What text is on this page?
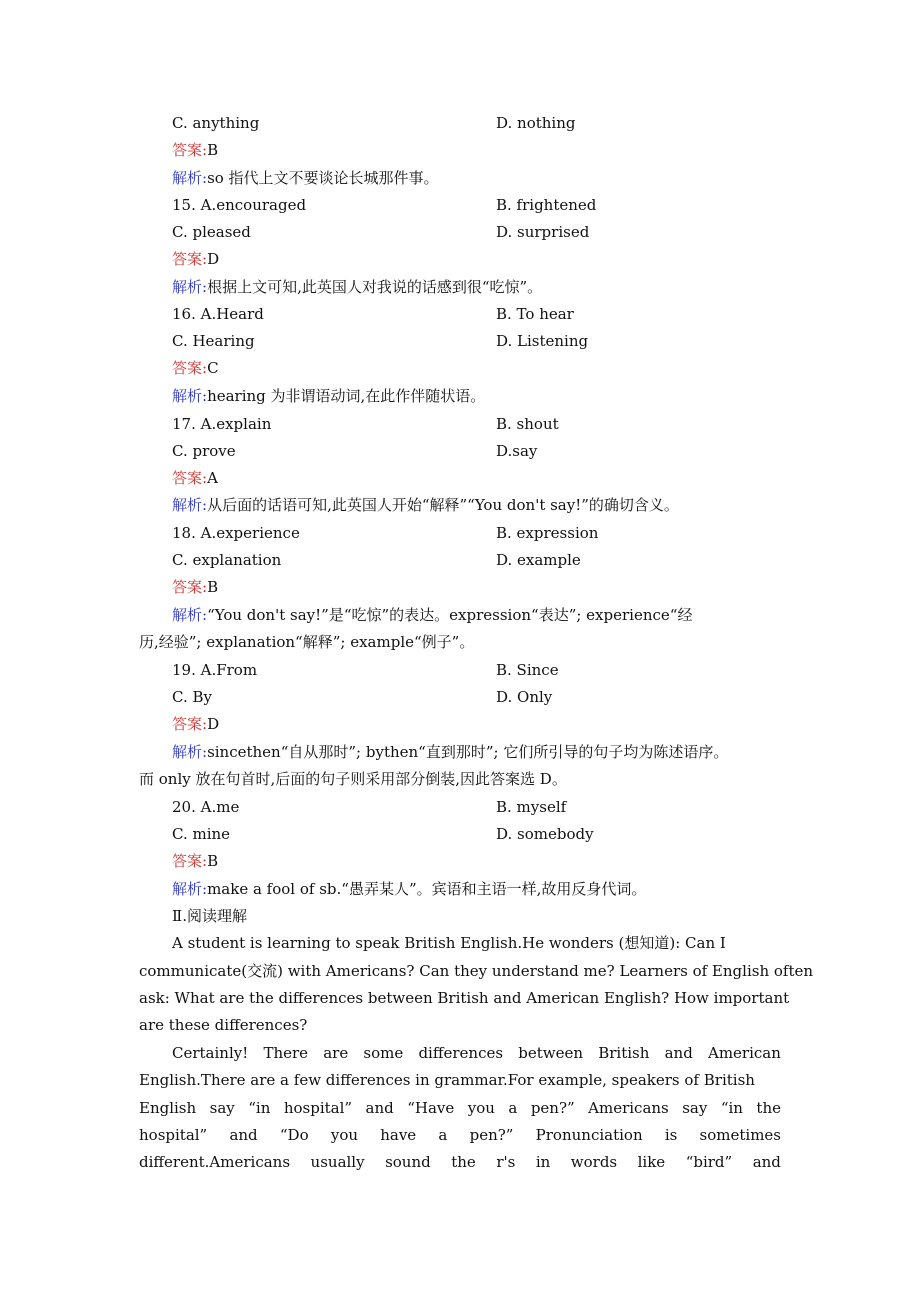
C. anything	D. nothing
答案:B
解析:so 指代上文不要谈论长城那件事。
15. A.encouraged	B. frightened
C. pleased	D. surprised
答案:D
解析:根据上文可知,此英国人对我说的话感到很“吃惊”。
16. A.Heard	B. To hear
C. Hearing	D. Listening
答案:C
解析:hearing 为非谓语动词,在此作伴随状语。
17. A.explain	B. shout
C. prove	D.say
答案:A
解析:从后面的话语可知,此英国人开始“解释”“You don't say!”的确切含义。
18. A.experience	B. expression
C. explanation	D. example
答案:B
解析:“You don't say!”是“吃惊”的表达。expression“表达”; experience“经
历,经验”; explanation“解释”; example“例子”。
19. A.From	B. Since
C. By	D. Only
答案:D
解析:sincethen“自从那时”; bythen“直到那时”; 它们所引导的句子均为陈述语序。
而 only 放在句首时,后面的句子则采用部分倒装,因此答案选 D。
20. A.me	B. myself
C. mine	D. somebody
答案:B
解析:make a fool of sb.“愚弄某人”。宾语和主语一样,故用反身代词。
Ⅱ.阅读理解
A student is learning to speak British English.He wonders (想知道): Can I
communicate(交流) with Americans? Can they understand me? Learners of English often
ask: What are the differences between British and American English? How important
are these differences?
Certainly! There are some differences between British and American
English.There are a few differences in grammar.For example, speakers of British
English say “in hospital” and “Have you a pen?” Americans say “in the
hospital” and “Do you have a pen?” Pronunciation is sometimes
different.Americans usually sound the r's in words like “bird” and
